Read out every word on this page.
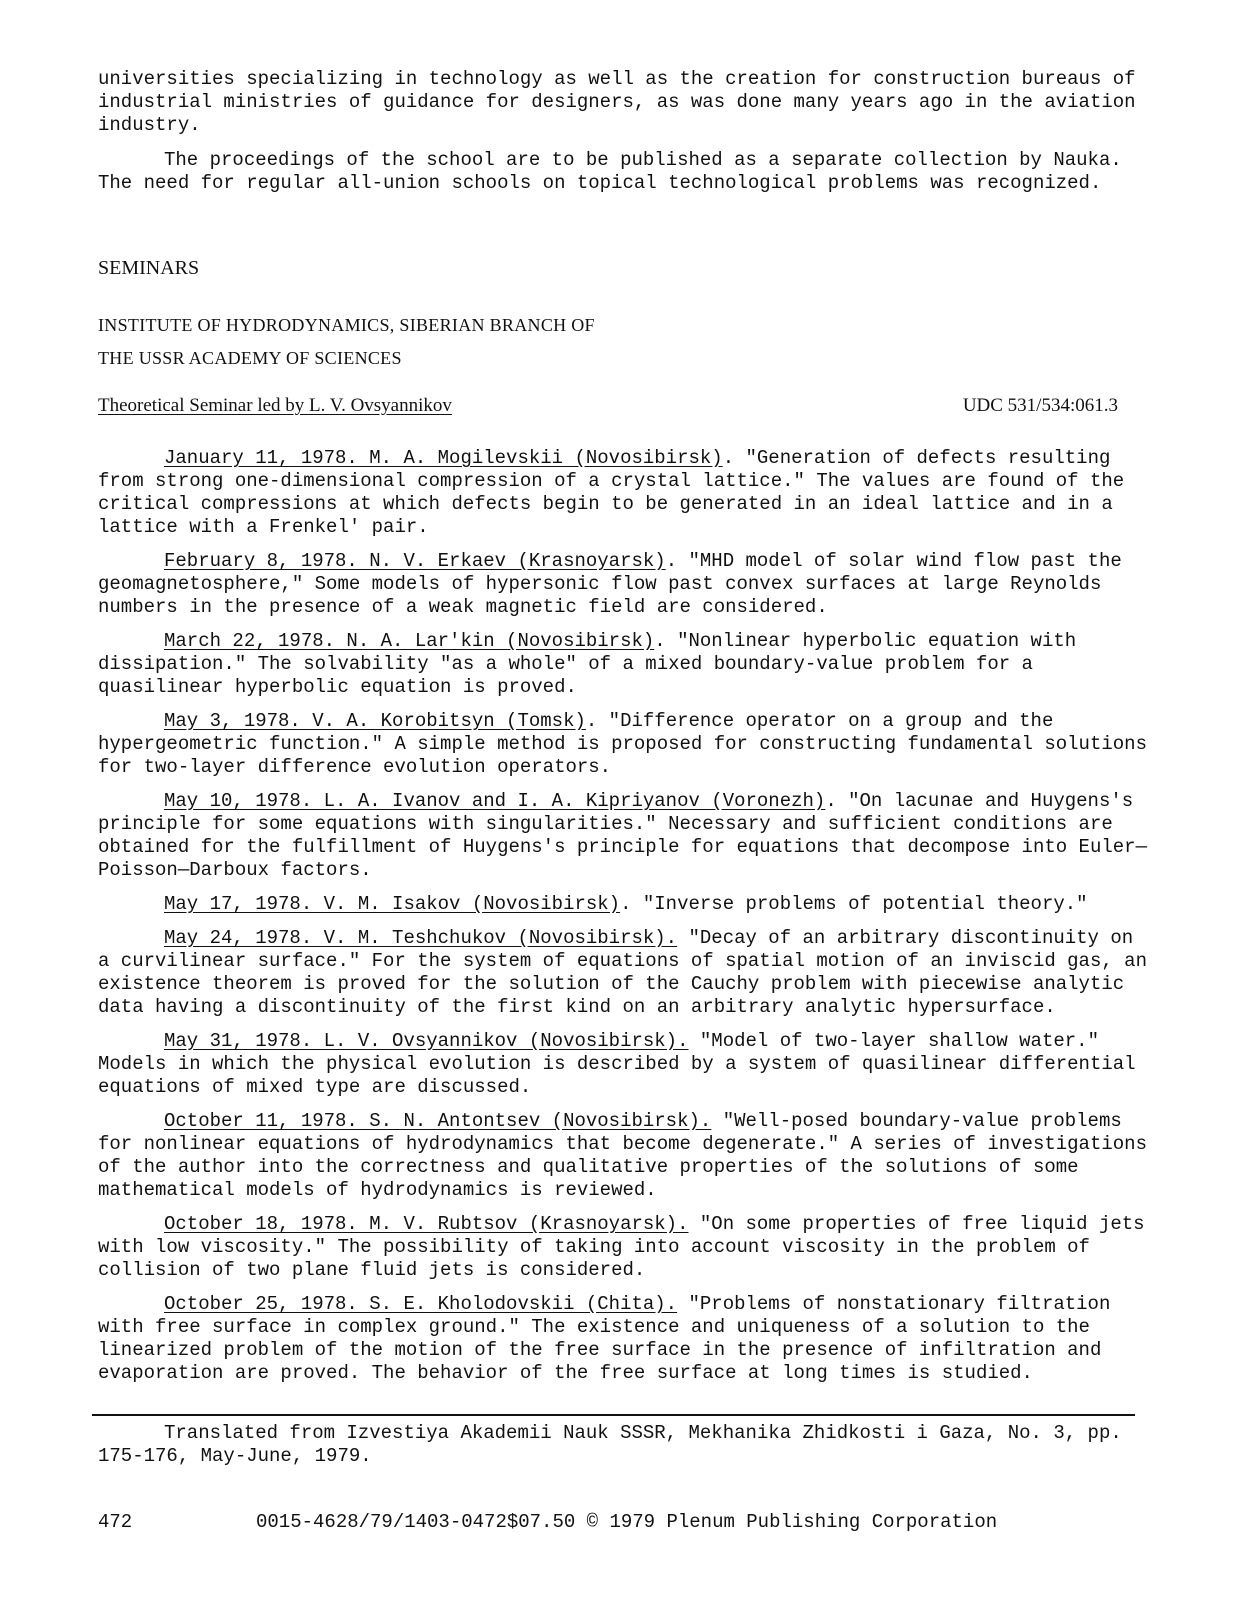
universities specializing in technology as well as the creation for construction bureaus of industrial ministries of guidance for designers, as was done many years ago in the aviation industry.

The proceedings of the school are to be published as a separate collection by Nauka. The need for regular all-union schools on topical technological problems was recognized.

SEMINARS

INSTITUTE OF HYDRODYNAMICS, SIBERIAN BRANCH OF

THE USSR ACADEMY OF SCIENCES

Theoretical Seminar led by L. V. Ovsyannikov	UDC 531/534:061.3

January 11, 1978. M. A. Mogilevskii (Novosibirsk). "Generation of defects resulting from strong one-dimensional compression of a crystal lattice." The values are found of the critical compressions at which defects begin to be generated in an ideal lattice and in a lattice with a Frenkel' pair.

February 8, 1978. N. V. Erkaev (Krasnoyarsk). "MHD model of solar wind flow past the geomagnetosphere," Some models of hypersonic flow past convex surfaces at large Reynolds numbers in the presence of a weak magnetic field are considered.

March 22, 1978. N. A. Lar'kin (Novosibirsk). "Nonlinear hyperbolic equation with dissipation." The solvability "as a whole" of a mixed boundary-value problem for a quasilinear hyperbolic equation is proved.

May 3, 1978. V. A. Korobitsyn (Tomsk). "Difference operator on a group and the hypergeometric function." A simple method is proposed for constructing fundamental solutions for two-layer difference evolution operators.

May 10, 1978. L. A. Ivanov and I. A. Kipriyanov (Voronezh). "On lacunae and Huygens's principle for some equations with singularities." Necessary and sufficient conditions are obtained for the fulfillment of Huygens's principle for equations that decompose into Euler—Poisson—Darboux factors.

May 17, 1978. V. M. Isakov (Novosibirsk). "Inverse problems of potential theory."

May 24, 1978. V. M. Teshchukov (Novosibirsk). "Decay of an arbitrary discontinuity on a curvilinear surface." For the system of equations of spatial motion of an inviscid gas, an existence theorem is proved for the solution of the Cauchy problem with piecewise analytic data having a discontinuity of the first kind on an arbitrary analytic hypersurface.

May 31, 1978. L. V. Ovsyannikov (Novosibirsk). "Model of two-layer shallow water." Models in which the physical evolution is described by a system of quasilinear differential equations of mixed type are discussed.

October 11, 1978. S. N. Antontsev (Novosibirsk). "Well-posed boundary-value problems for nonlinear equations of hydrodynamics that become degenerate." A series of investigations of the author into the correctness and qualitative properties of the solutions of some mathematical models of hydrodynamics is reviewed.

October 18, 1978. M. V. Rubtsov (Krasnoyarsk). "On some properties of free liquid jets with low viscosity." The possibility of taking into account viscosity in the problem of collision of two plane fluid jets is considered.

October 25, 1978. S. E. Kholodovskii (Chita). "Problems of nonstationary filtration with free surface in complex ground." The existence and uniqueness of a solution to the linearized problem of the motion of the free surface in the presence of infiltration and evaporation are proved. The behavior of the free surface at long times is studied.

Translated from Izvestiya Akademii Nauk SSSR, Mekhanika Zhidkosti i Gaza, No. 3, pp. 175-176, May-June, 1979.

472	0015-4628/79/1403-0472$07.50 © 1979 Plenum Publishing Corporation
